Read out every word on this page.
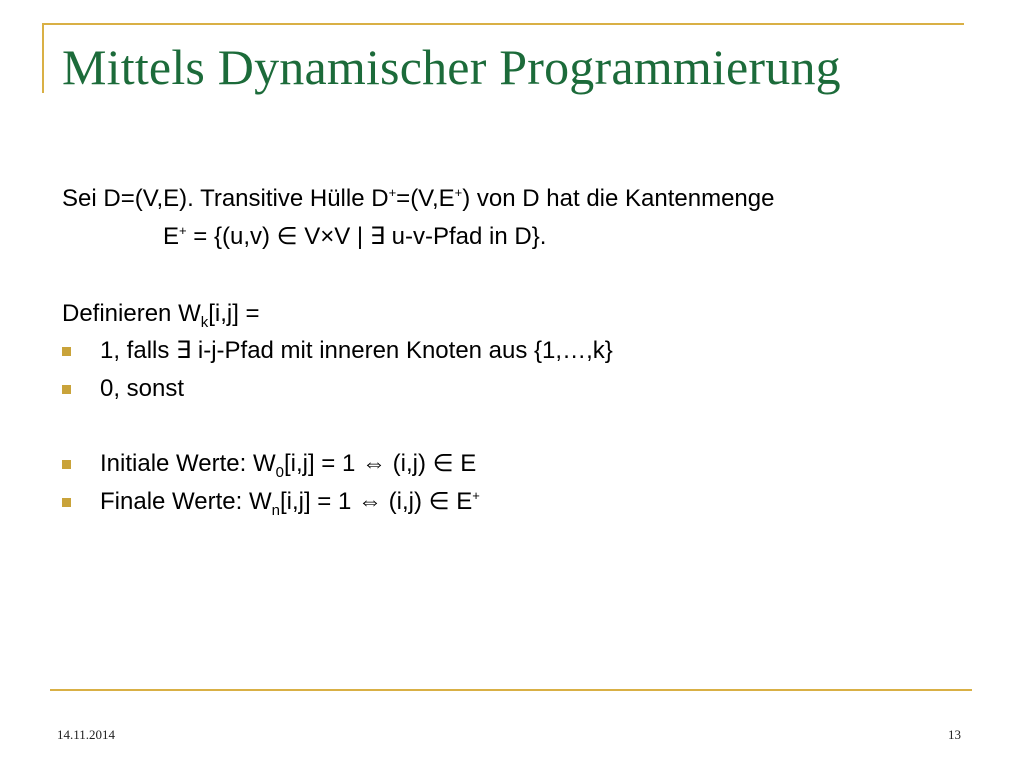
Mittels Dynamischer Programmierung
Sei D=(V,E). Transitive Hülle D+=(V,E+) von D hat die Kantenmenge
E+ = {(u,v) ∈ V×V | ∃ u-v-Pfad in D}.
Definieren $W_k[i,j]$ =
1, falls ∃ i-j-Pfad mit inneren Knoten aus {1,…,k}
0, sonst
Initiale Werte: $W_0[i,j] = 1$ ⇔ (i,j) ∈ E
Finale Werte: $W_n[i,j] = 1$ ⇔ (i,j) ∈ E+
14.11.2014	13
